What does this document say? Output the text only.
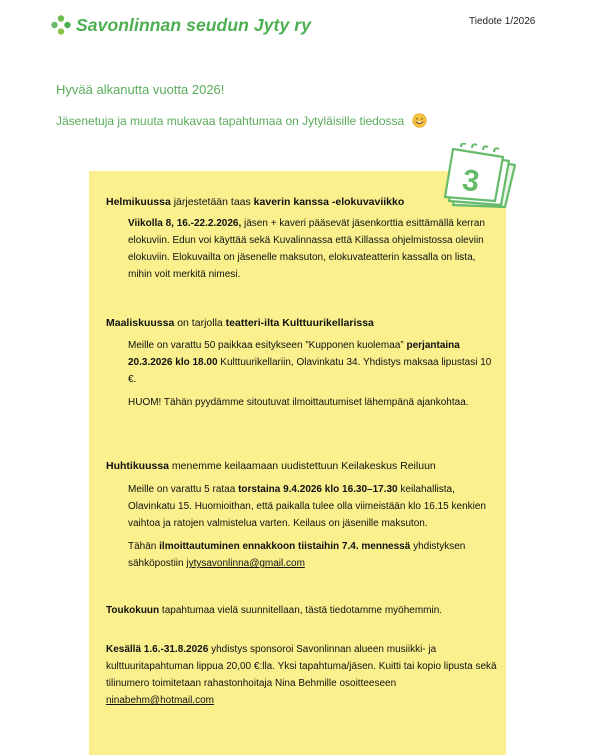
Savonlinnan seudun Jyty ry	Tiedote 1/2026
Hyvää alkanutta vuotta 2026!
Jäsenetuja ja muuta mukavaa tapahtumaa on Jytyläisille tiedossa
3
Helmikuussa järjestetään taas kaverin kanssa -elokuvaviikko
Viikolla 8, 16.-22.2.2026, jäsen + kaveri pääsevät jäsenkorttia esittämällä kerran elokuviin. Edun voi käyttää sekä Kuvalinnassa että Killassa ohjelmistossa oleviin elokuviin. Elokuvailta on jäsenelle maksuton, elokuvateatterin kassalla on lista, mihin voit merkitä nimesi.
Maaliskuussa on tarjolla teatteri-ilta Kulttuurikellarissa
Meille on varattu 50 paikkaa esitykseen ”Kupponen kuolemaa” perjantaina 20.3.2026 klo 18.00 Kulttuurikellariin, Olavinkatu 34. Yhdistys maksaa lipustasi 10 €.
HUOM! Tähän pyydämme sitoutuvat ilmoittautumiset lähempänä ajankohtaa.
Huhtikuussa menemme keilaamaan uudistettuun Keilakeskus Reiluun
Meille on varattu 5 rataa torstaina 9.4.2026 klo 16.30–17.30 keilahallista, Olavinkatu 15. Huomioithan, että paikalla tulee olla viimeistään klo 16.15 kenkien vaihtoa ja ratojen valmistelua varten. Keilaus on jäsenille maksuton.
Tähän ilmoittautuminen ennakkoon tiistaihin 7.4. mennessä yhdistyksen sähköpostiin jytysavonlinna@gmail.com
Toukokuun tapahtumaa vielä suunnitellaan, tästä tiedotamme myöhemmin.
Kesällä 1.6.-31.8.2026 yhdistys sponsoroi Savonlinnan alueen musiikki- ja kulttuuritapahtuman lippua 20,00 €:lla. Yksi tapahtuma/jäsen. Kuitti tai kopio lipusta sekä tilinumero toimitetaan rahastonhoitaja Nina Behmille osoitteeseen ninabehm@hotmail.com
